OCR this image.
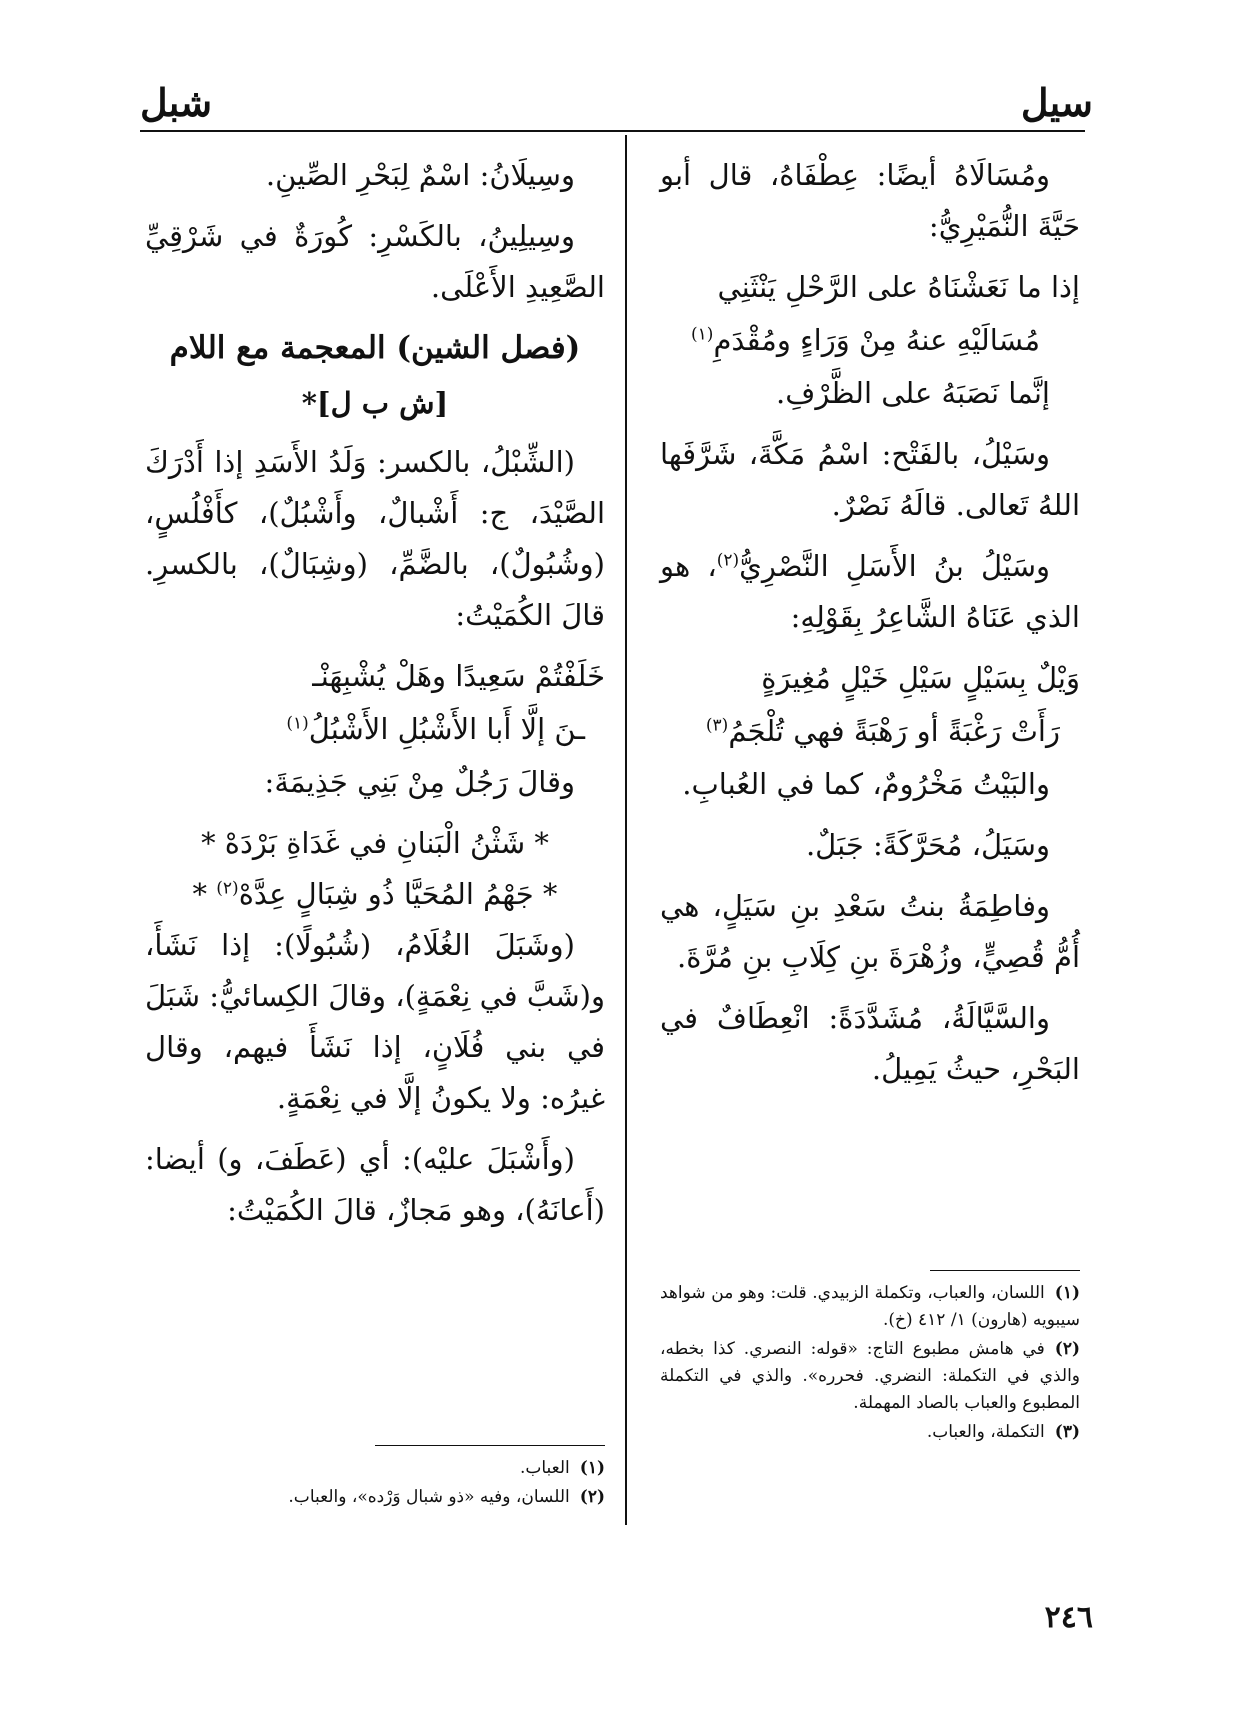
سيل
شبل

ومُسَالَاهُ أيضًا: عِطْفَاهُ، قال أبو حَيَّةَ النُّمَيْرِيُّ:

إذا ما نَعَشْنَاهُ على الرَّحْلِ يَنْثَنِي
مُسَالَيْهِ عنهُ مِنْ وَرَاءٍ ومُقْدَمِ$^{(١)}$

إنَّما نَصَبَهُ على الظَّرْفِ.

وسَيْلُ، بالفَتْح: اسْمُ مَكَّةَ، شَرَّفَها اللهُ تَعالى. قالَهُ نَصْرٌ.

وسَيْلُ بنُ الأَسَلِ النَّصْرِيُّ$^{(٢)}$، هو الذي عَنَاهُ الشَّاعِرُ بِقَوْلِهِ:

وَيْلٌ بِسَيْلٍ سَيْلِ خَيْلٍ مُغِيرَةٍ
رَأَتْ رَغْبَةً أو رَهْبَةً فهي تُلْجَمُ$^{(٣)}$

والبَيْتُ مَخْرُومٌ، كما في العُبابِ.

وسَيَلُ، مُحَرَّكَةً: جَبَلٌ.

وفاطِمَةُ بنتُ سَعْدِ بنِ سَيَلٍ، هي أُمُّ قُصِيٍّ، وزُهْرَةَ بنِ كِلَابِ بنِ مُرَّةَ.

والسَّيَّالَةُ، مُشَدَّدَةً: انْعِطَافٌ في البَحْرِ، حيثُ يَمِيلُ.

(١)اللسان، والعباب، وتكملة الزبيدي. قلت: وهو من شواهد سيبويه (هارون) ١/ ٤١٢ (خ).
(٢)في هامش مطبوع التاج: «قوله: النصري. كذا بخطه، والذي في التكملة: النضري. فحرره». والذي في التكملة المطبوع والعباب بالصاد المهملة.
(٣)التكملة، والعباب.

وسِيلَانُ: اسْمٌ لِبَحْرِ الصِّينِ.

وسِيلِينُ، بالكَسْرِ: كُورَةٌ في شَرْقِيِّ الصَّعِيدِ الأَعْلَى.

(فصل الشين) المعجمة مع اللام
[ش ب ل]*

(الشِّبْلُ، بالكسر: وَلَدُ الأَسَدِ إذا أَدْرَكَ الصَّيْدَ، ج: أَشْبالٌ، وأَشْبُلٌ)، كأَفْلُسٍ، (وشُبُولٌ)، بالضَّمِّ، (وشِبَالٌ)، بالكسرِ. قالَ الكُمَيْتُ:

خَلَفْتُمْ سَعِيدًا وهَلْ يُشْبِهَنْـ
ـنَ إلَّا أَبا الأَشْبُلِ الأَشْبُلُ$^{(١)}$

وقالَ رَجُلٌ مِنْ بَنِي جَذِيمَةَ:

* شَثْنُ الْبَنانِ في غَدَاةِ بَرْدَهْ *
* جَهْمُ المُحَيَّا ذُو شِبَالٍ عِدَّهْ$^{(٢)}$ *

(وشَبَلَ الغُلَامُ، (شُبُولًا): إذا نَشَأَ، و(شَبَّ في نِعْمَةٍ)، وقالَ الكِسائيُّ: شَبَلَ في بني فُلَانٍ، إذا نَشَأَ فيهم، وقال غيرُه: ولا يكونُ إلَّا في نِعْمَةٍ.

(وأَشْبَلَ عليْه): أي (عَطَفَ، و) أيضا: (أَعانَهُ)، وهو مَجازٌ، قالَ الكُمَيْتُ:

(١)العباب.
(٢)اللسان، وفيه «ذو شبال وَرْده»، والعباب.
٢٤٦
